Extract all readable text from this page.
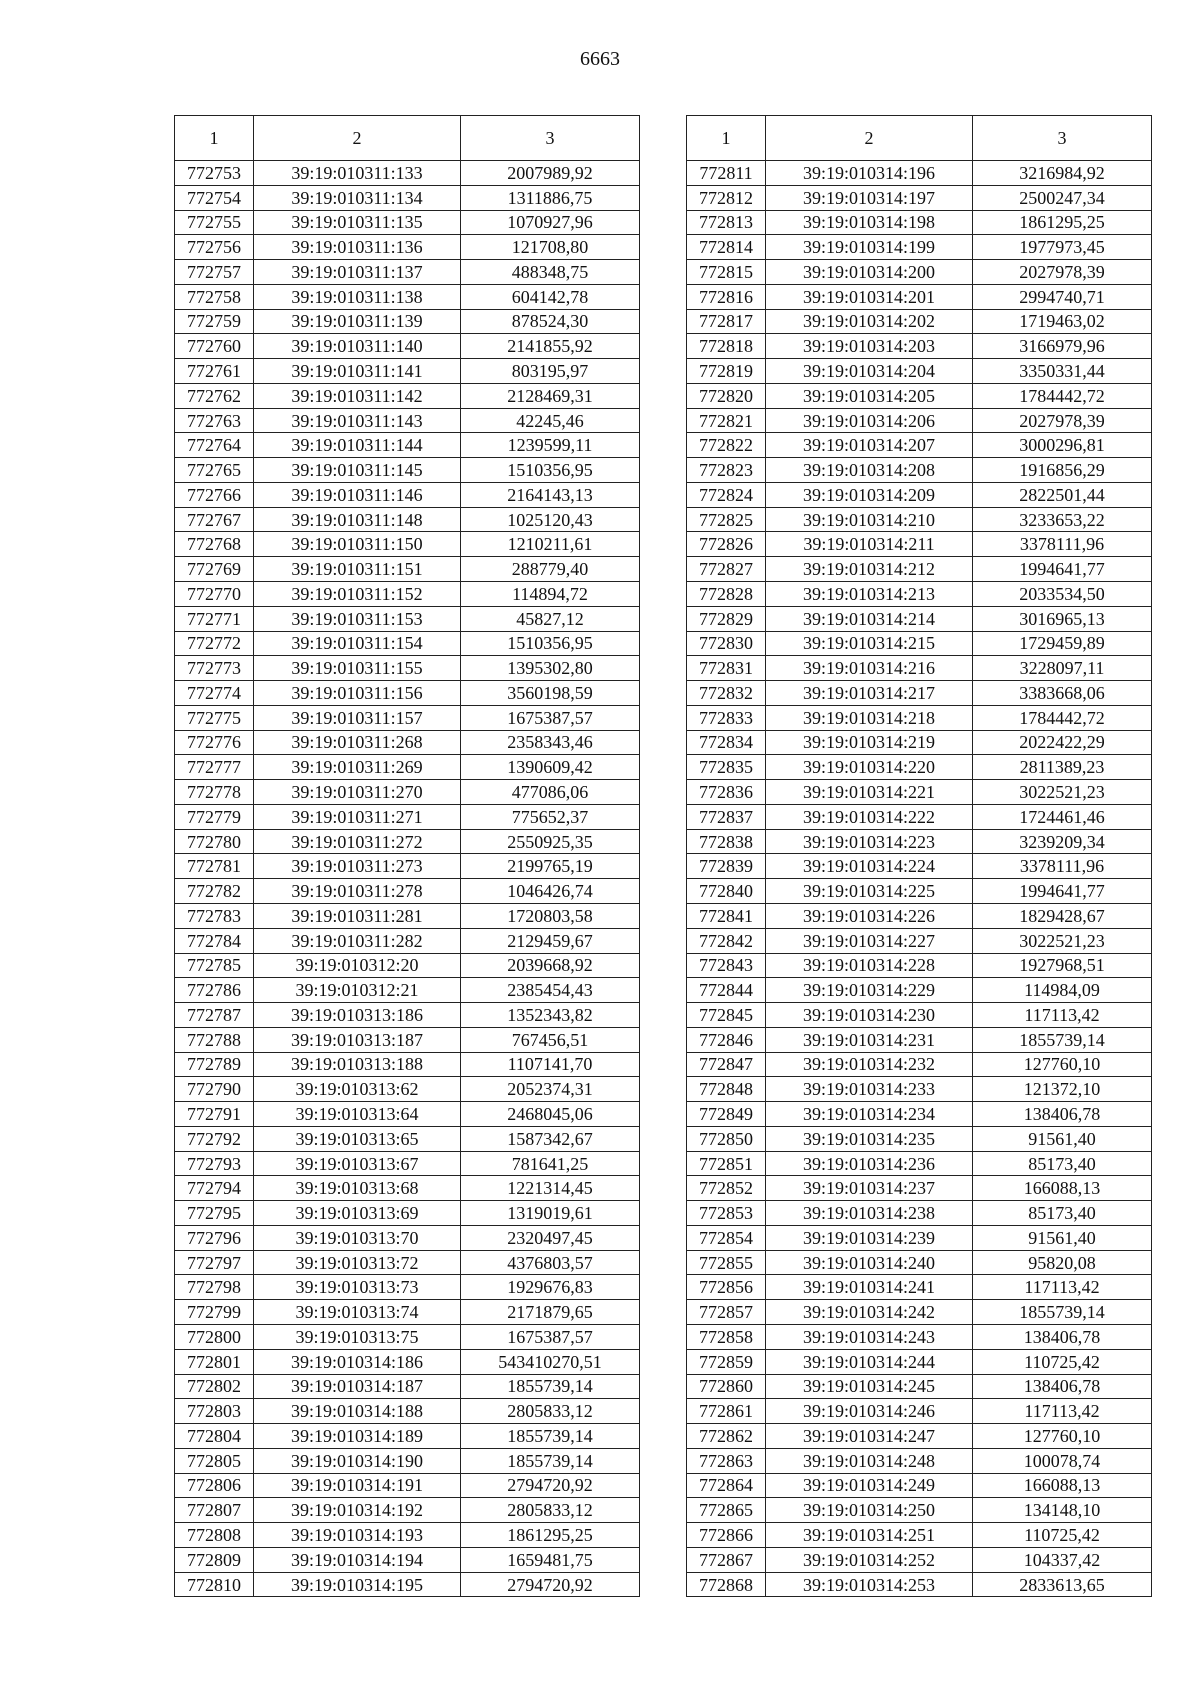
6663
1	2	3
772753	39:19:010311:133	2007989,92
772754	39:19:010311:134	1311886,75
772755	39:19:010311:135	1070927,96
772756	39:19:010311:136	121708,80
772757	39:19:010311:137	488348,75
772758	39:19:010311:138	604142,78
772759	39:19:010311:139	878524,30
772760	39:19:010311:140	2141855,92
772761	39:19:010311:141	803195,97
772762	39:19:010311:142	2128469,31
772763	39:19:010311:143	42245,46
772764	39:19:010311:144	1239599,11
772765	39:19:010311:145	1510356,95
772766	39:19:010311:146	2164143,13
772767	39:19:010311:148	1025120,43
772768	39:19:010311:150	1210211,61
772769	39:19:010311:151	288779,40
772770	39:19:010311:152	114894,72
772771	39:19:010311:153	45827,12
772772	39:19:010311:154	1510356,95
772773	39:19:010311:155	1395302,80
772774	39:19:010311:156	3560198,59
772775	39:19:010311:157	1675387,57
772776	39:19:010311:268	2358343,46
772777	39:19:010311:269	1390609,42
772778	39:19:010311:270	477086,06
772779	39:19:010311:271	775652,37
772780	39:19:010311:272	2550925,35
772781	39:19:010311:273	2199765,19
772782	39:19:010311:278	1046426,74
772783	39:19:010311:281	1720803,58
772784	39:19:010311:282	2129459,67
772785	39:19:010312:20	2039668,92
772786	39:19:010312:21	2385454,43
772787	39:19:010313:186	1352343,82
772788	39:19:010313:187	767456,51
772789	39:19:010313:188	1107141,70
772790	39:19:010313:62	2052374,31
772791	39:19:010313:64	2468045,06
772792	39:19:010313:65	1587342,67
772793	39:19:010313:67	781641,25
772794	39:19:010313:68	1221314,45
772795	39:19:010313:69	1319019,61
772796	39:19:010313:70	2320497,45
772797	39:19:010313:72	4376803,57
772798	39:19:010313:73	1929676,83
772799	39:19:010313:74	2171879,65
772800	39:19:010313:75	1675387,57
772801	39:19:010314:186	543410270,51
772802	39:19:010314:187	1855739,14
772803	39:19:010314:188	2805833,12
772804	39:19:010314:189	1855739,14
772805	39:19:010314:190	1855739,14
772806	39:19:010314:191	2794720,92
772807	39:19:010314:192	2805833,12
772808	39:19:010314:193	1861295,25
772809	39:19:010314:194	1659481,75
772810	39:19:010314:195	2794720,92
1	2	3
772811	39:19:010314:196	3216984,92
772812	39:19:010314:197	2500247,34
772813	39:19:010314:198	1861295,25
772814	39:19:010314:199	1977973,45
772815	39:19:010314:200	2027978,39
772816	39:19:010314:201	2994740,71
772817	39:19:010314:202	1719463,02
772818	39:19:010314:203	3166979,96
772819	39:19:010314:204	3350331,44
772820	39:19:010314:205	1784442,72
772821	39:19:010314:206	2027978,39
772822	39:19:010314:207	3000296,81
772823	39:19:010314:208	1916856,29
772824	39:19:010314:209	2822501,44
772825	39:19:010314:210	3233653,22
772826	39:19:010314:211	3378111,96
772827	39:19:010314:212	1994641,77
772828	39:19:010314:213	2033534,50
772829	39:19:010314:214	3016965,13
772830	39:19:010314:215	1729459,89
772831	39:19:010314:216	3228097,11
772832	39:19:010314:217	3383668,06
772833	39:19:010314:218	1784442,72
772834	39:19:010314:219	2022422,29
772835	39:19:010314:220	2811389,23
772836	39:19:010314:221	3022521,23
772837	39:19:010314:222	1724461,46
772838	39:19:010314:223	3239209,34
772839	39:19:010314:224	3378111,96
772840	39:19:010314:225	1994641,77
772841	39:19:010314:226	1829428,67
772842	39:19:010314:227	3022521,23
772843	39:19:010314:228	1927968,51
772844	39:19:010314:229	114984,09
772845	39:19:010314:230	117113,42
772846	39:19:010314:231	1855739,14
772847	39:19:010314:232	127760,10
772848	39:19:010314:233	121372,10
772849	39:19:010314:234	138406,78
772850	39:19:010314:235	91561,40
772851	39:19:010314:236	85173,40
772852	39:19:010314:237	166088,13
772853	39:19:010314:238	85173,40
772854	39:19:010314:239	91561,40
772855	39:19:010314:240	95820,08
772856	39:19:010314:241	117113,42
772857	39:19:010314:242	1855739,14
772858	39:19:010314:243	138406,78
772859	39:19:010314:244	110725,42
772860	39:19:010314:245	138406,78
772861	39:19:010314:246	117113,42
772862	39:19:010314:247	127760,10
772863	39:19:010314:248	100078,74
772864	39:19:010314:249	166088,13
772865	39:19:010314:250	134148,10
772866	39:19:010314:251	110725,42
772867	39:19:010314:252	104337,42
772868	39:19:010314:253	2833613,65
